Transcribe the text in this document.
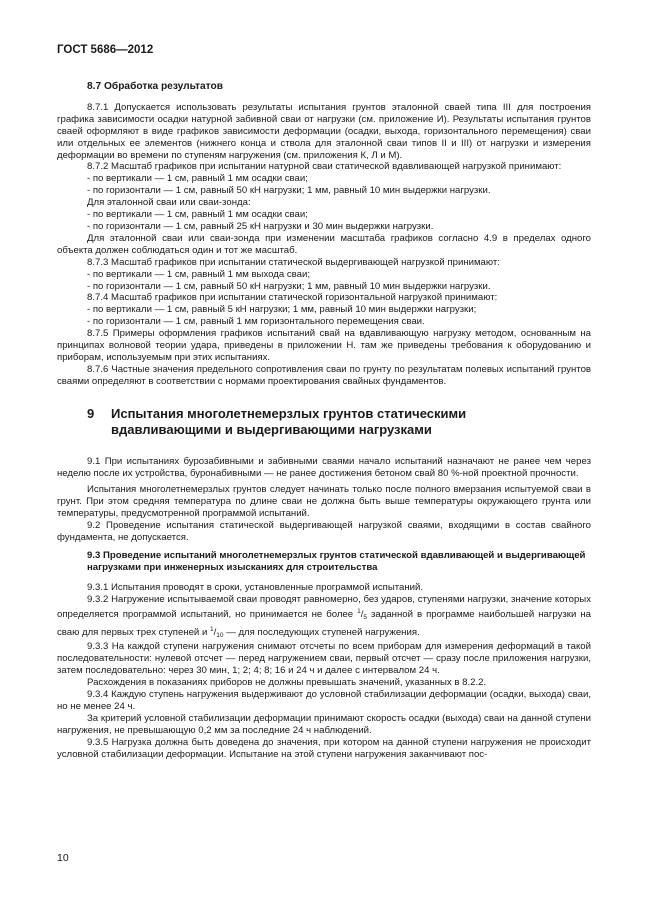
ГОСТ 5686—2012

8.7 Обработка результатов

8.7.1 Допускается использовать результаты испытания грунтов эталонной сваей типа III для построения графика зависимости осадки натурной забивной сваи от нагрузки (см. приложение И). Результаты испытания грунтов сваей оформляют в виде графиков зависимости деформации (осадки, выхода, горизонтального перемещения) сваи или отдельных ее элементов (нижнего конца и ствола для эталонной сваи типов II и III) от нагрузки и измерения деформации во времени по ступеням нагружения (см. приложения К, Л и М).

8.7.2 Масштаб графиков при испытании натурной сваи статической вдавливающей нагрузкой принимают:

- по вертикали — 1 см, равный 1 мм осадки сваи;

- по горизонтали — 1 см, равный 50 кН нагрузки; 1 мм, равный 10 мин выдержки нагрузки.

Для эталонной сваи или сваи-зонда:

- по вертикали — 1 см, равный 1 мм осадки сваи;

- по горизонтали — 1 см, равный 25 кН нагрузки и 30 мин выдержки нагрузки.

Для эталонной сваи или сваи-зонда при изменении масштаба графиков согласно 4.9 в пределах одного объекта должен соблюдаться один и тот же масштаб.

8.7.3 Масштаб графиков при испытании статической выдергивающей нагрузкой принимают:

- по вертикали — 1 см, равный 1 мм выхода сваи;

- по горизонтали — 1 см, равный 50 кН нагрузки; 1 мм, равный 10 мин выдержки нагрузки.

8.7.4 Масштаб графиков при испытании статической горизонтальной нагрузкой принимают:

- по вертикали — 1 см, равный 5 кН нагрузки; 1 мм, равный 10 мин выдержки нагрузки;

- по горизонтали — 1 см, равный 1 мм горизонтального перемещения сваи.

8.7.5 Примеры оформления графиков испытаний свай на вдавливающую нагрузку методом, основанным на принципах волновой теории удара, приведены в приложении Н. там же приведены требования к оборудованию и приборам, используемым при этих испытаниях.

8.7.6 Частные значения предельного сопротивления сваи по грунту по результатам полевых испытаний грунтов сваями определяют в соответствии с нормами проектирования свайных фундаментов.

9 Испытания многолетнемерзлых грунтов статическими
вдавливающими и выдергивающими нагрузками

9.1 При испытаниях бурозабивными и забивными сваями начало испытаний назначают не ранее чем через неделю после их устройства, буронабивными — не ранее достижения бетоном свай 80 %-ной проектной прочности.

Испытания многолетнемерзлых грунтов следует начинать только после полного вмерзания испытуемой сваи в грунт. При этом средняя температура по длине сваи не должна быть выше температуры окружающего грунта или температуры, предусмотренной программой испытаний.

9.2 Проведение испытания статической выдергивающей нагрузкой сваями, входящими в состав свайного фундамента, не допускается.

9.3 Проведение испытаний многолетнемерзлых грунтов статической вдавливающей и выдергивающей нагрузками при инженерных изысканиях для строительства

9.3.1 Испытания проводят в сроки, установленные программой испытаний.

9.3.2 Нагружение испытываемой сваи проводят равномерно, без ударов, ступенями нагрузки, значение которых определяется программой испытаний, но принимается не более $^1/_5$ заданной в программе наибольшей нагрузки на сваю для первых трех ступеней и $^1/_{10}$ — для последующих ступеней нагружения.

9.3.3 На каждой ступени нагружения снимают отсчеты по всем приборам для измерения деформаций в такой последовательности: нулевой отсчет — перед нагружением сваи, первый отсчет — сразу после приложения нагрузки, затем последовательно: через 30 мин, 1; 2; 4; 8; 16 и 24 ч и далее с интервалом 24 ч.

Расхождения в показаниях приборов не должны превышать значений, указанных в 8.2.2.

9.3.4 Каждую ступень нагружения выдерживают до условной стабилизации деформации (осадки, выхода) сваи, но не менее 24 ч.

За критерий условной стабилизации деформации принимают скорость осадки (выхода) сваи на данной ступени нагружения, не превышающую 0,2 мм за последние 24 ч наблюдений.

9.3.5 Нагрузка должна быть доведена до значения, при котором на данной ступени нагружения не происходит условной стабилизации деформации. Испытание на этой ступени нагружения заканчивают пос-

10
